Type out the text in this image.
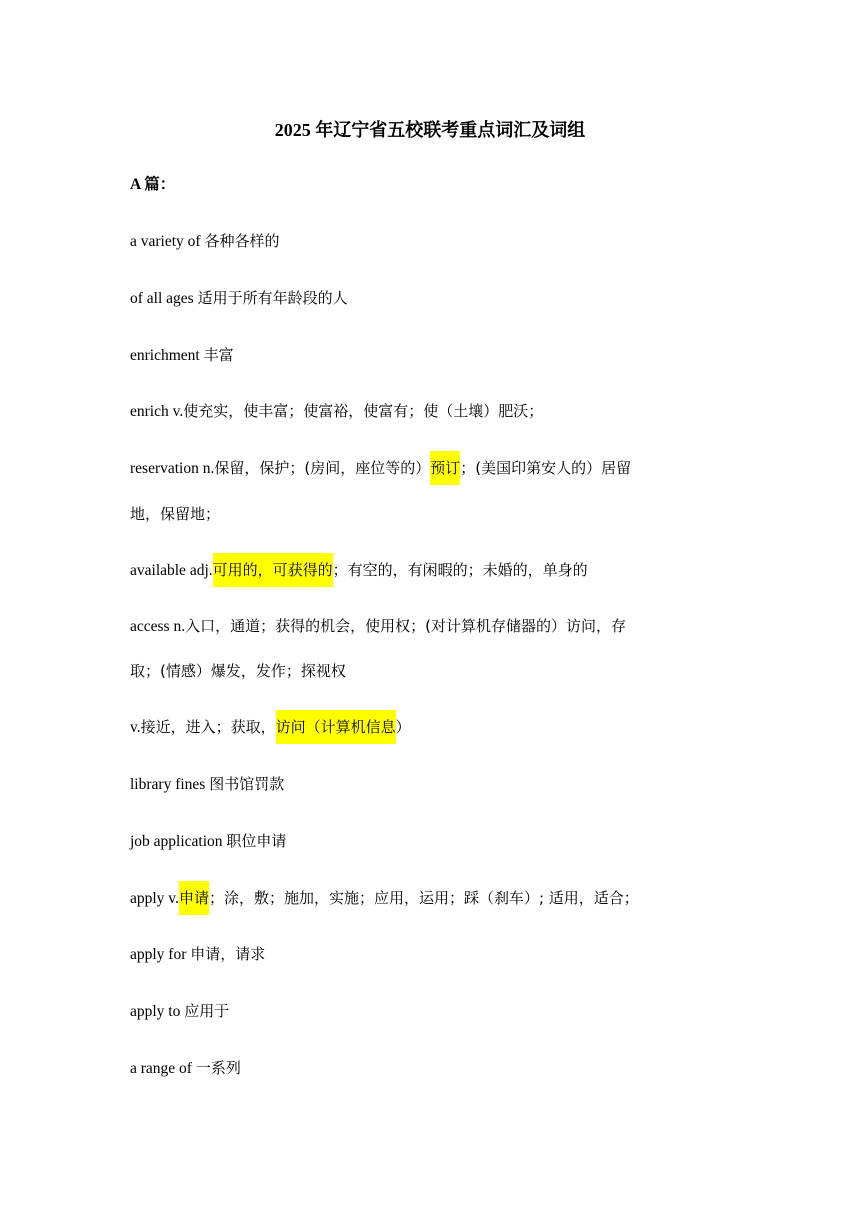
2025 年辽宁省五校联考重点词汇及词组
A 篇：
a variety of 各种各样的
of all ages 适用于所有年龄段的人
enrichment 丰富
enrich v.使充实，使丰富；使富裕，使富有；使（土壤）肥沃；
reservation n.保留，保护；(房间，座位等的）预订；(美国印第安人的）居留
地，保留地；
available adj.可用的，可获得的；有空的，有闲暇的；未婚的，单身的
access n.入口，通道；获得的机会，使用权；(对计算机存储器的）访问，存
取；(情感）爆发，发作；探视权
v.接近，进入；获取，访问（计算机信息）
library fines 图书馆罚款
job application 职位申请
apply v.申请；涂，敷；施加，实施；应用，运用；踩（刹车）; 适用，适合；
apply for 申请，请求
apply to 应用于
a range of 一系列
